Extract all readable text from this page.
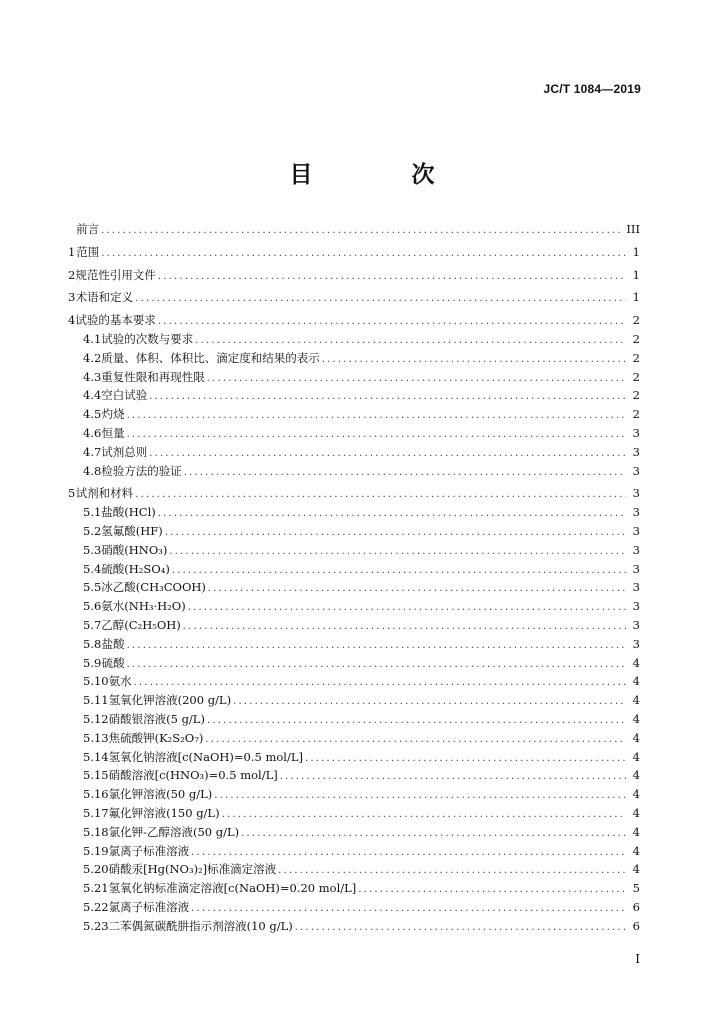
JC/T 1084—2019
目　次
前言 .....	III
1 范围 .....	1
2 规范性引用文件 .....	1
3 术语和定义 .....	1
4 试验的基本要求 .....	2
4.1 试验的次数与要求 .....	2
4.2 质量、体积、体积比、滴定度和结果的表示 .....	2
4.3 重复性限和再现性限 .....	2
4.4 空白试验 .....	2
4.5 灼烧 .....	2
4.6 恒量 .....	3
4.7 试剂总则 .....	3
4.8 检验方法的验证 .....	3
5 试剂和材料 .....	3
5.1 盐酸(HCl) .....	3
5.2 氢氟酸(HF) .....	3
5.3 硝酸(HNO₃) .....	3
5.4 硫酸(H₂SO₄) .....	3
5.5 冰乙酸(CH₃COOH) .....	3
5.6 氨水(NH₃·H₂O) .....	3
5.7 乙醇(C₂H₅OH) .....	3
5.8 盐酸 .....	3
5.9 硫酸 .....	4
5.10 氨水 .....	4
5.11 氢氧化钾溶液(200 g/L) .....	4
5.12 硝酸银溶液(5 g/L) .....	4
5.13 焦硫酸钾(K₂S₂O₇) .....	4
5.14 氢氧化钠溶液[c(NaOH)=0.5 mol/L] .....	4
5.15 硝酸溶液[c(HNO₃)=0.5 mol/L] .....	4
5.16 氯化钾溶液(50 g/L) .....	4
5.17 氟化钾溶液(150 g/L) .....	4
5.18 氯化钾-乙醇溶液(50 g/L) .....	4
5.19 氯离子标准溶液 .....	4
5.20 硝酸汞[Hg(NO₃)₂]标准滴定溶液 .....	4
5.21 氢氧化钠标准滴定溶液[c(NaOH)=0.20 mol/L] .....	5
5.22 氯离子标准溶液 .....	6
5.23 二苯偶氮碳酰肼指示剂溶液(10 g/L) .....	6
I
